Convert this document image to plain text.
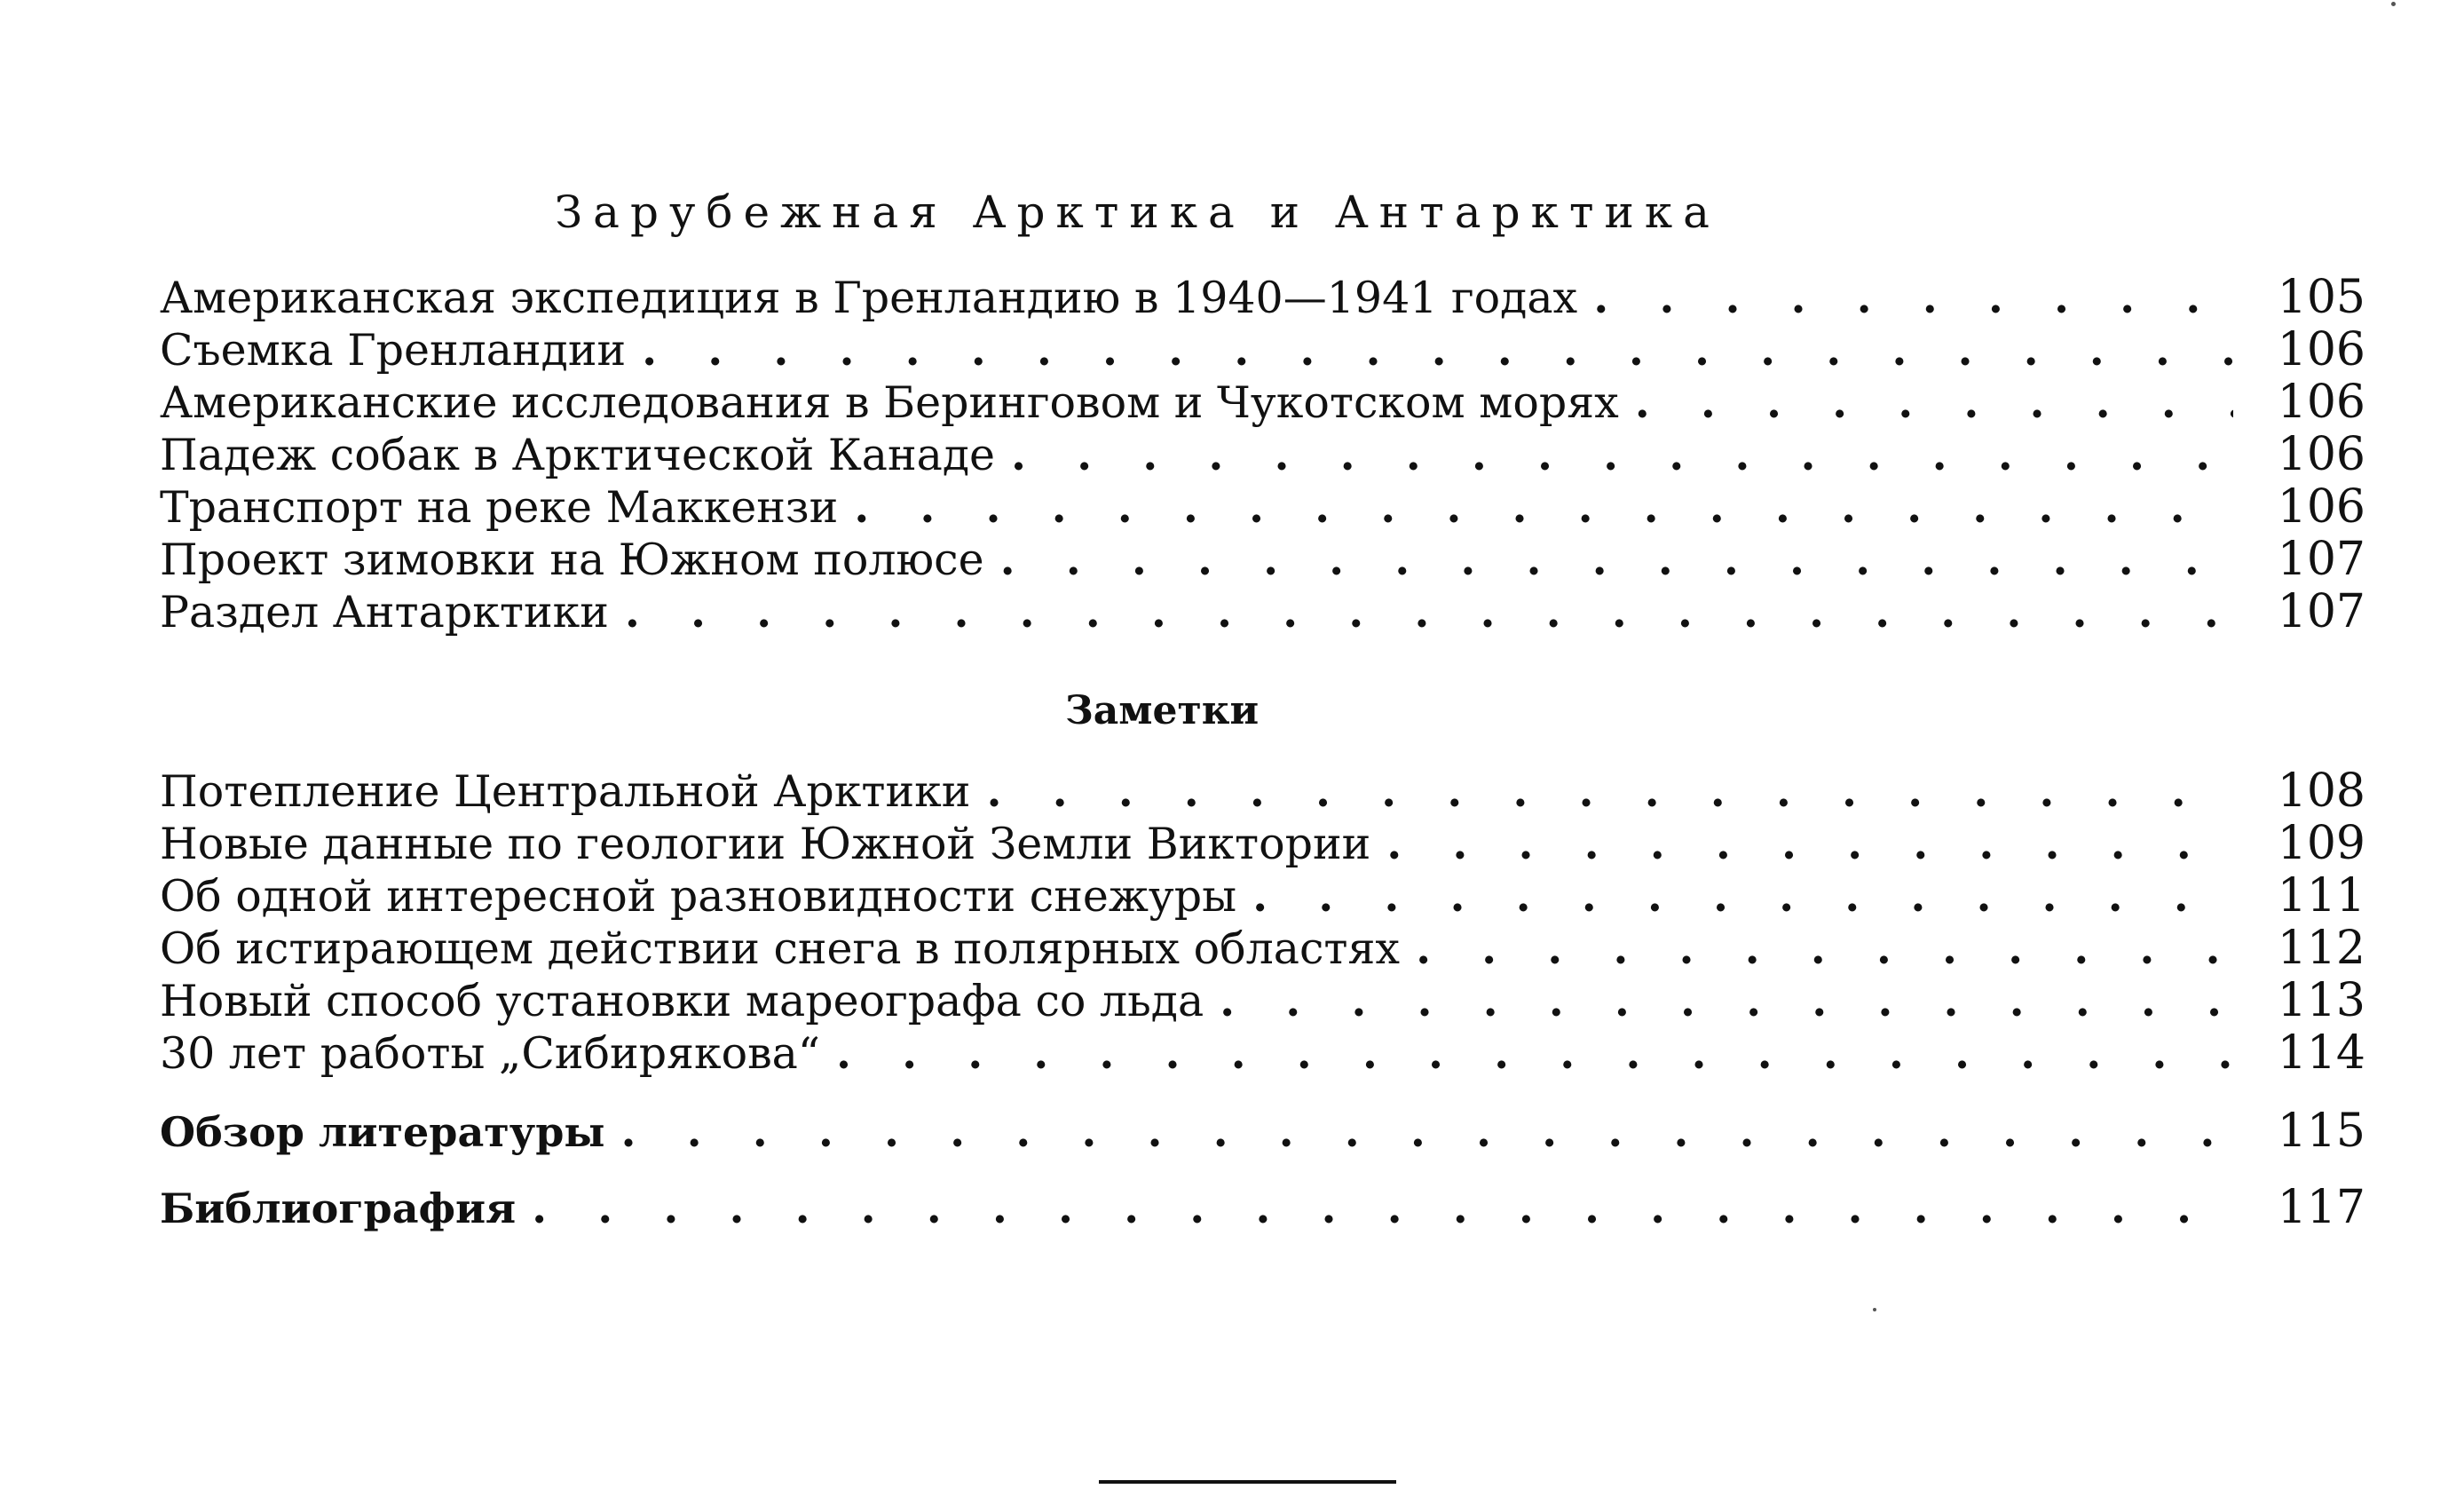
Зарубежная Арктика и Антарктика
Американская экспедиция в Гренландию в 1940—1941 годах . . .	105
Съемка Гренландии . . .	106
Американские исследования в Беринговом и Чукотском морях . . .	106
Падеж собак в Арктической Канаде . . .	106
Транспорт на реке Маккензи . . .	106
Проект зимовки на Южном полюсе . . .	107
Раздел Антарктики . . .	107
Заметки
Потепление Центральной Арктики . . .	108
Новые данные по геологии Южной Земли Виктории . . .	109
Об одной интересной разновидности снежуры . . .	111
Об истирающем действии снега в полярных областях . . .	112
Новый способ установки мареографа со льда . . .	113
30 лет работы „Сибирякова“ . . .	114
Обзор литературы . . .	115
Библиография . . .	117
